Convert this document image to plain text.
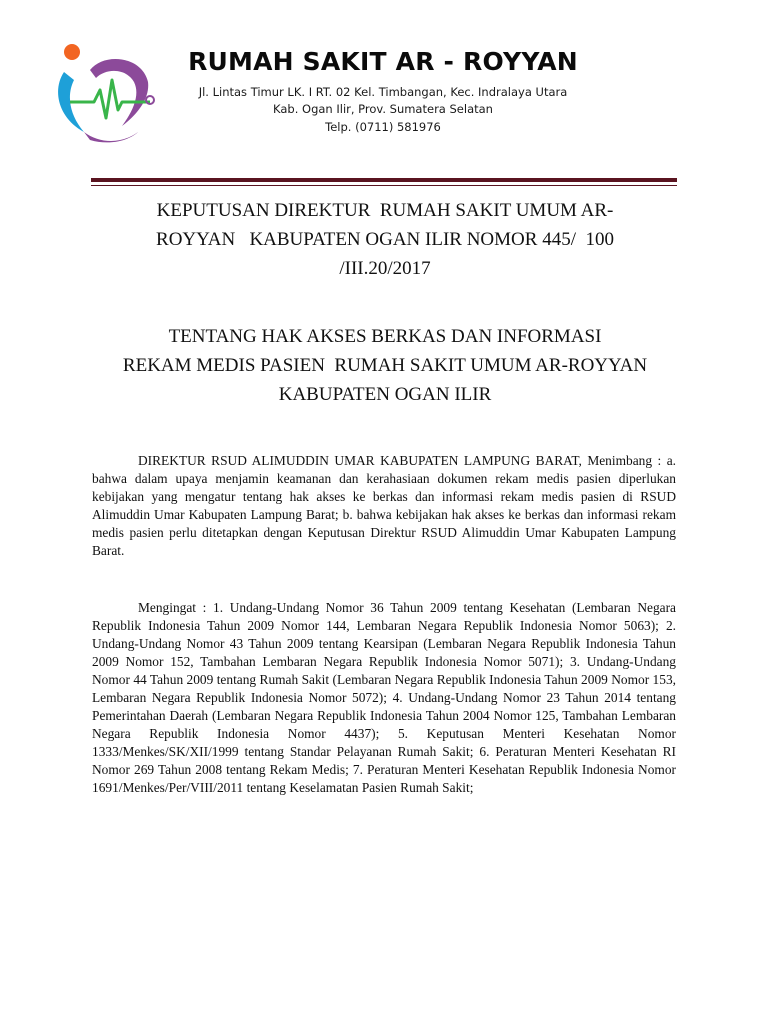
RUMAH SAKIT AR - ROYYAN
Jl. Lintas Timur LK. I RT. 02 Kel. Timbangan, Kec. Indralaya Utara
Kab. Ogan Ilir, Prov. Sumatera Selatan
Telp. (0711) 581976
KEPUTUSAN DIREKTUR  RUMAH SAKIT UMUM AR-
ROYYAN   KABUPATEN OGAN ILIR NOMOR 445/  100
/III.20/2017
TENTANG HAK AKSES BERKAS DAN INFORMASI
REKAM MEDIS PASIEN  RUMAH SAKIT UMUM AR-ROYYAN
KABUPATEN OGAN ILIR

DIREKTUR RSUD ALIMUDDIN UMAR KABUPATEN LAMPUNG BARAT, Menimbang : a. bahwa dalam upaya menjamin keamanan dan kerahasiaan dokumen rekam medis pasien diperlukan kebijakan yang mengatur tentang hak akses ke berkas dan informasi rekam medis pasien di RSUD Alimuddin Umar Kabupaten Lampung Barat; b. bahwa kebijakan hak akses ke berkas dan informasi rekam medis pasien perlu ditetapkan dengan Keputusan Direktur RSUD Alimuddin Umar Kabupaten Lampung Barat.

Mengingat : 1. Undang-Undang Nomor 36 Tahun 2009 tentang Kesehatan (Lembaran Negara Republik Indonesia Tahun 2009 Nomor 144, Lembaran Negara Republik Indonesia Nomor 5063); 2. Undang-Undang Nomor 43 Tahun 2009 tentang Kearsipan (Lembaran Negara Republik Indonesia Tahun 2009 Nomor 152, Tambahan Lembaran Negara Republik Indonesia Nomor 5071); 3. Undang-Undang Nomor 44 Tahun 2009 tentang Rumah Sakit (Lembaran Negara Republik Indonesia Tahun 2009 Nomor 153, Lembaran Negara Republik Indonesia Nomor 5072); 4. Undang-Undang Nomor 23 Tahun 2014 tentang Pemerintahan Daerah (Lembaran Negara Republik Indonesia Tahun 2004 Nomor 125, Tambahan Lembaran Negara Republik Indonesia Nomor 4437); 5. Keputusan Menteri Kesehatan Nomor 1333/Menkes/SK/XII/1999 tentang Standar Pelayanan Rumah Sakit; 6. Peraturan Menteri Kesehatan RI Nomor 269 Tahun 2008 tentang Rekam Medis; 7. Peraturan Menteri Kesehatan Republik Indonesia Nomor 1691/Menkes/Per/VIII/2011 tentang Keselamatan Pasien Rumah Sakit;
